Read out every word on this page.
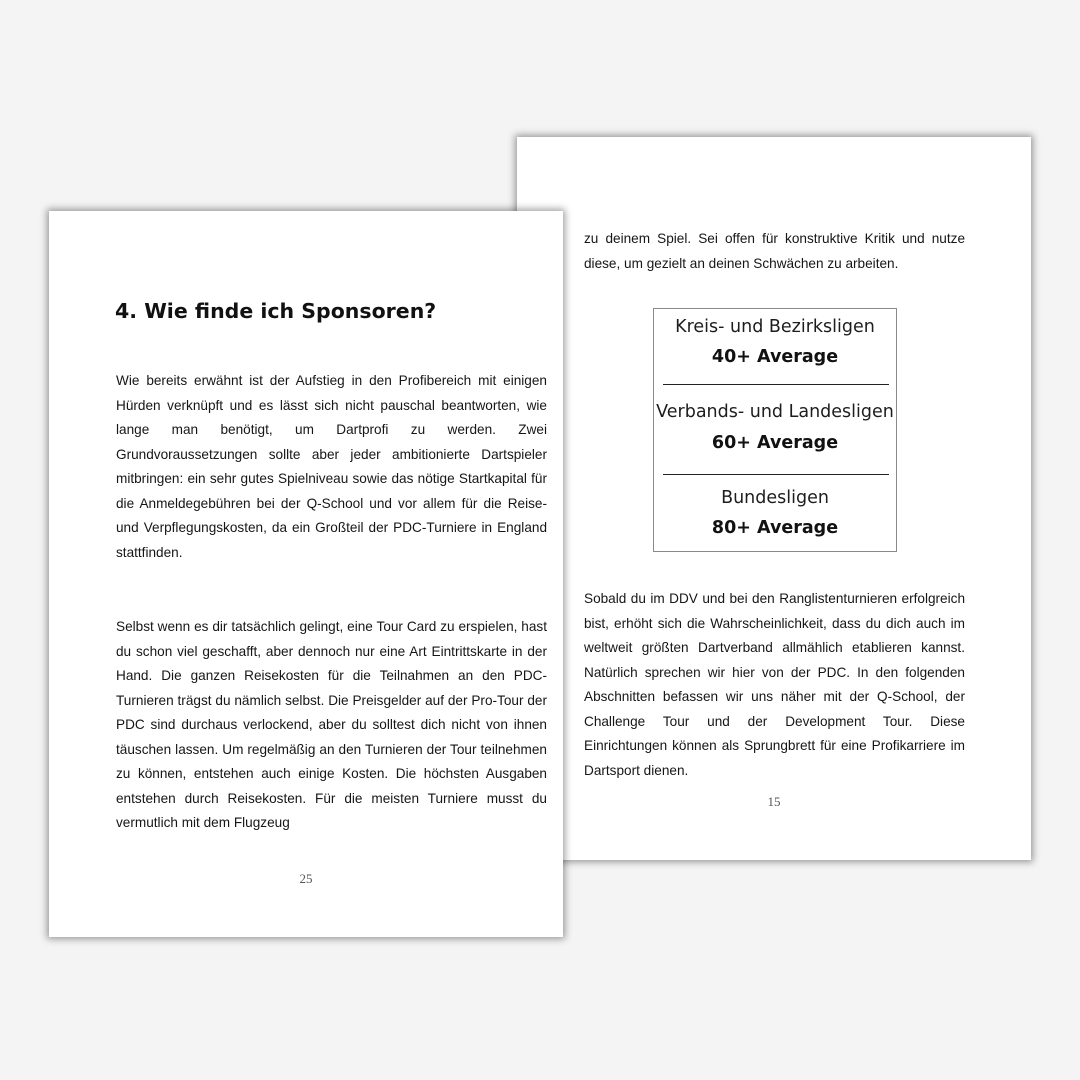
zu deinem Spiel. Sei offen für konstruktive Kritik und nutze diese, um gezielt an deinen Schwächen zu arbeiten.

Kreis- und Bezirksligen
40+ Average
Verbands- und Landesligen
60+ Average
Bundesligen
80+ Average

Sobald du im DDV und bei den Ranglistenturnieren erfolgreich bist, erhöht sich die Wahrscheinlichkeit, dass du dich auch im weltweit größten Dartverband allmählich etablieren kannst. Natürlich sprechen wir hier von der PDC. In den folgenden Abschnitten befassen wir uns näher mit der Q-School, der Challenge Tour und der Development Tour. Diese Einrichtungen können als Sprungbrett für eine Profikarriere im Dartsport dienen.

15
4. Wie finde ich Sponsoren?

Wie bereits erwähnt ist der Aufstieg in den Profibereich mit einigen Hürden verknüpft und es lässt sich nicht pauschal beantworten, wie lange man benötigt, um Dartprofi zu werden. Zwei Grundvoraussetzungen sollte aber jeder ambitionierte Dartspieler mitbringen: ein sehr gutes Spielniveau sowie das nötige Startkapital für die Anmeldegebühren bei der Q-School und vor allem für die Reise- und Verpflegungskosten, da ein Großteil der PDC-Turniere in England stattfinden.

Selbst wenn es dir tatsächlich gelingt, eine Tour Card zu erspielen, hast du schon viel geschafft, aber dennoch nur eine Art Eintrittskarte in der Hand. Die ganzen Reisekosten für die Teilnahmen an den PDC-Turnieren trägst du nämlich selbst. Die Preisgelder auf der Pro-Tour der PDC sind durchaus verlockend, aber du solltest dich nicht von ihnen täuschen lassen. Um regelmäßig an den Turnieren der Tour teilnehmen zu können, entstehen auch einige Kosten. Die höchsten Ausgaben entstehen durch Reisekosten. Für die meisten Turniere musst du vermutlich mit dem Flugzeug

25
